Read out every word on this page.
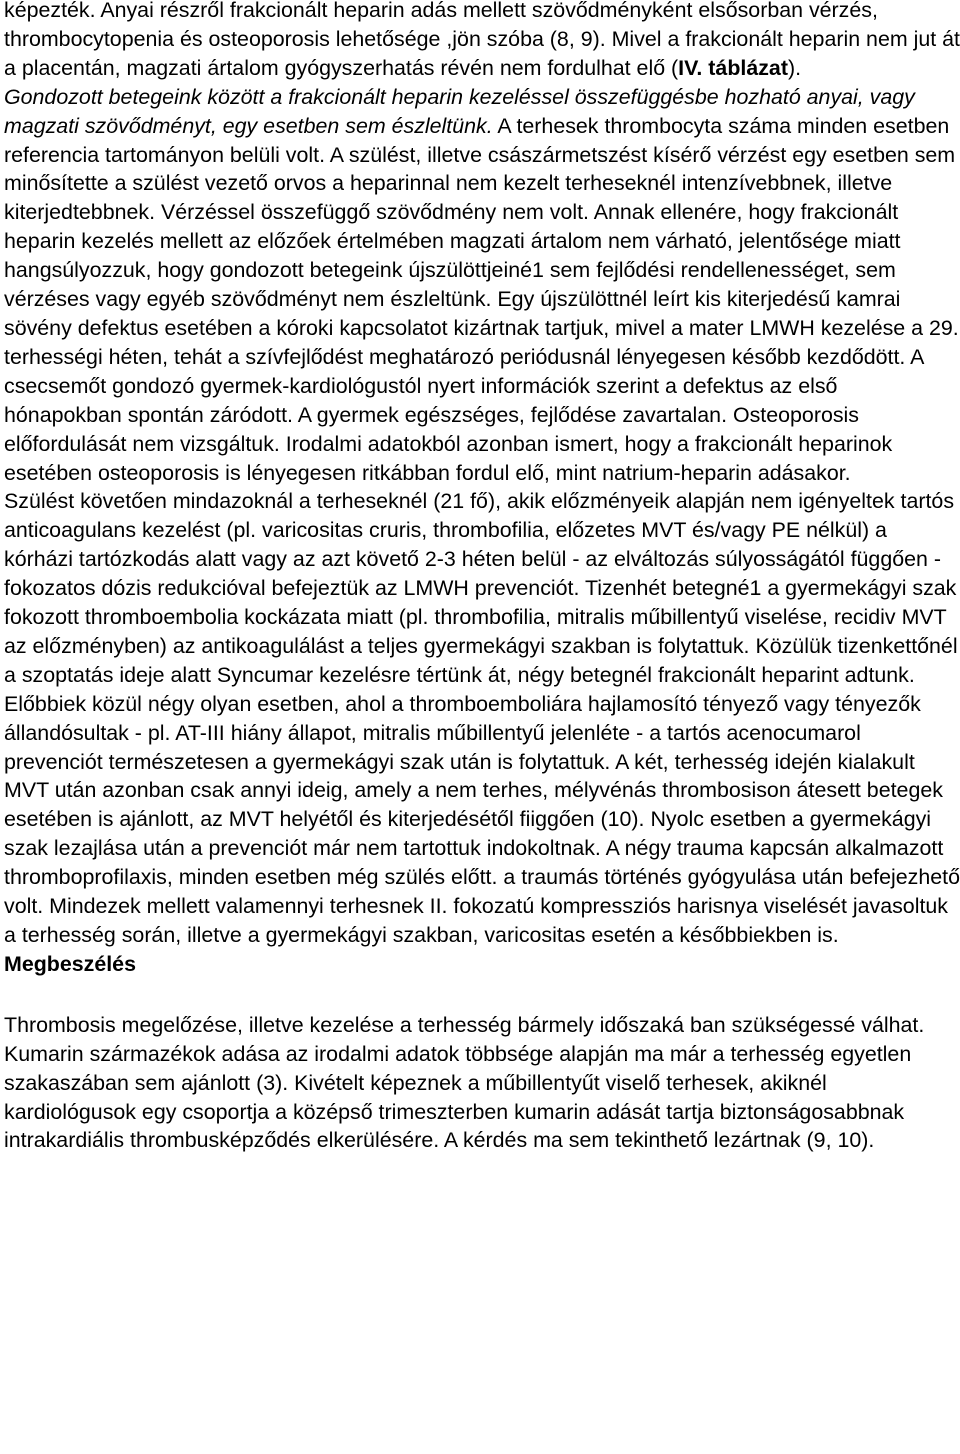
képezték. Anyai részről frakcionált heparin adás mellett szövődményként elsősorban vérzés, thrombocytopenia és osteoporosis lehetősége ,jön szóba (8, 9). Mivel a frakcionált heparin nem jut át a placentán, magzati ártalom gyógyszerhatás révén nem fordulhat elő (IV. táblázat).
Gondozott betegeink között a frakcionált heparin kezeléssel összefüggésbe hozható anyai, vagy magzati szövődményt, egy esetben sem észleltünk. A terhesek thrombocyta száma minden esetben referencia tartományon belüli volt. A szülést, illetve császármetszést kísérő vérzést egy esetben sem minősítette a szülést vezető orvos a heparinnal nem kezelt terheseknél intenzívebbnek, illetve kiterjedtebbnek. Vérzéssel összefüggő szövődmény nem volt. Annak ellenére, hogy frakcionált heparin kezelés mellett az előzőek értelmében magzati ártalom nem várható, jelentősége miatt hangsúlyozzuk, hogy gondozott betegeink újszülöttjeiné1 sem fejlődési rendellenességet, sem vérzéses vagy egyéb szövődményt nem észleltünk. Egy újszülöttnél leírt kis kiterjedésű kamrai sövény defektus esetében a kóroki kapcsolatot kizártnak tartjuk, mivel a mater LMWH kezelése a 29. terhességi héten, tehát a szívfejlődést meghatározó periódusnál lényegesen később kezdődött. A csecsemőt gondozó gyermek-kardiológustól nyert információk szerint a defektus az első hónapokban spontán záródott. A gyermek egészséges, fejlődése zavartalan. Osteoporosis előfordulását nem vizsgáltuk. Irodalmi adatokból azonban ismert, hogy a frakcionált heparinok esetében osteoporosis is lényegesen ritkábban fordul elő, mint natrium-heparin adásakor.

Szülést követően mindazoknál a terheseknél (21 fő), akik előzményeik alapján nem igényeltek tartós anticoagulans kezelést (pl. varicositas cruris, thrombofilia, előzetes MVT és/vagy PE nélkül) a kórházi tartózkodás alatt vagy az azt követő 2-3 héten belül - az elváltozás súlyosságától függően - fokozatos dózis redukcióval befejeztük az LMWH prevenciót. Tizenhét betegné1 a gyermekágyi szak fokozott thromboembolia kockázata miatt (pl. thrombofilia, mitralis műbillentyű viselése, recidiv MVT az előzményben) az antikoagulálást a teljes gyermekágyi szakban is folytattuk. Közülük tizenkettőnél a szoptatás ideje alatt Syncumar kezelésre tértünk át, négy betegnél frakcionált heparint adtunk. Előbbiek közül négy olyan esetben, ahol a thromboemboliára hajlamosító tényező vagy tényezők állandósultak - pl. AT-III hiány állapot, mitralis műbillentyű jelenléte - a tartós acenocumarol prevenciót természetesen a gyermekágyi szak után is folytattuk. A két, terhesség idején kialakult MVT után azonban csak annyi ideig, amely a nem terhes, mélyvénás thrombosison átesett betegek esetében is ajánlott, az MVT helyétől és kiterjedésétől fiiggően (10). Nyolc esetben a gyermekágyi szak lezajlása után a prevenciót már nem tartottuk indokoltnak. A négy trauma kapcsán alkalmazott thromboprofilaxis, minden esetben még szülés előtt. a traumás történés gyógyulása után befejezhető volt. Mindezek mellett valamennyi terhesnek II. fokozatú kompressziós harisnya viselését javasoltuk a terhesség során, illetve a gyermekágyi szakban, varicositas esetén a későbbiekben is.

Megbeszélés

Thrombosis megelőzése, illetve kezelése a terhesség bármely időszaká ban szükségessé válhat. Kumarin származékok adása az irodalmi adatok többsége alapján ma már a terhesség egyetlen szakaszában sem ajánlott (3). Kivételt képeznek a műbillentyűt viselő terhesek, akiknél kardiológusok egy csoportja a középső trimeszterben kumarin adását tartja biztonságosabbnak intrakardiális thrombusképződés elkerülésére. A kérdés ma sem tekinthető lezártnak (9, 10).
